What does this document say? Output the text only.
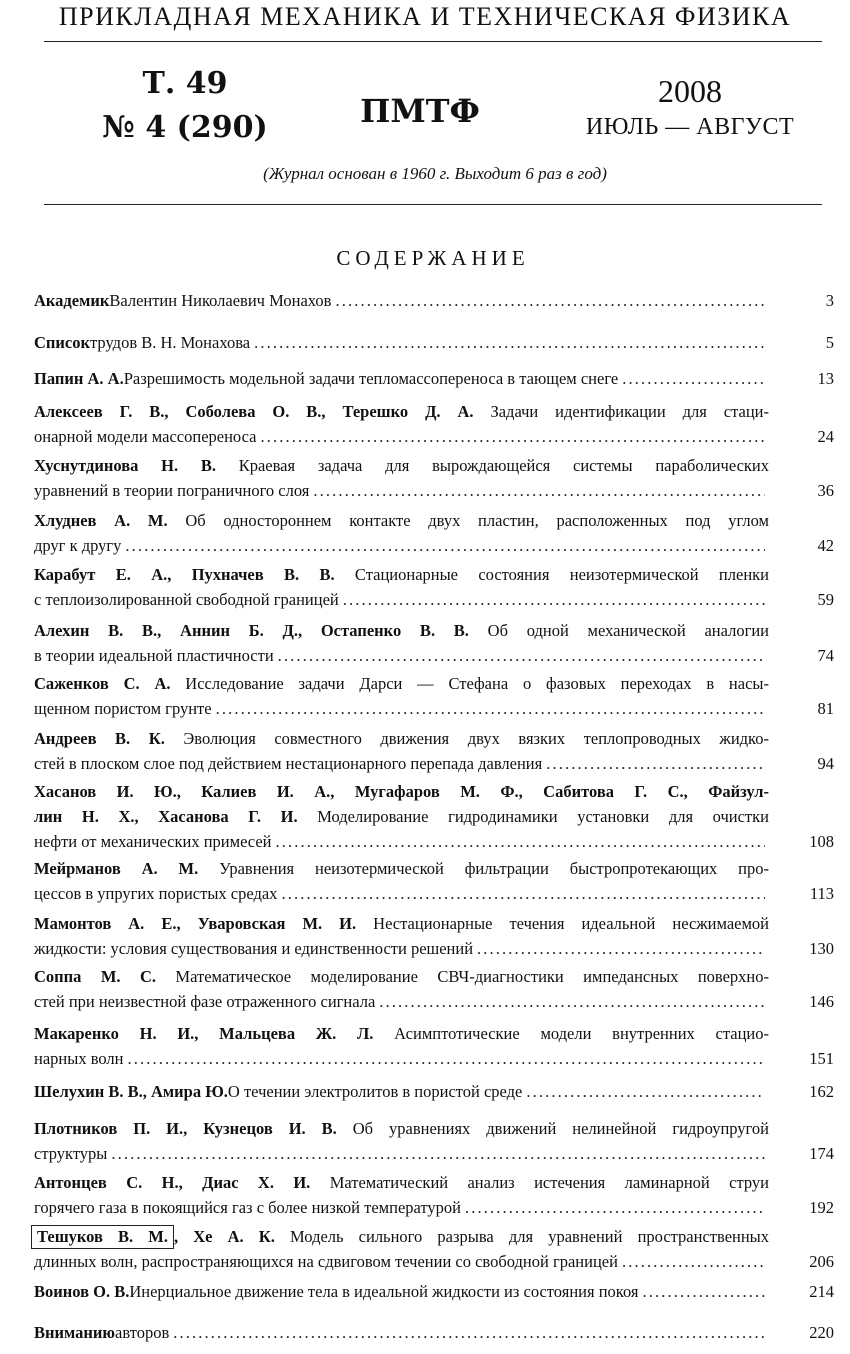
ПРИКЛАДНАЯ МЕХАНИКА И ТЕХНИЧЕСКАЯ ФИЗИКА
Т. 49
№ 4 (290)	ПМТФ
2008
ИЮЛЬ — АВГУСТ
(Журнал основан в 1960 г. Выходит 6 раз в год)
СОДЕРЖАНИЕ
Академик Валентин Николаевич Монахов . . .	3
Список трудов В. Н. Монахова . . .	5
Папин А. А. Разрешимость модельной задачи тепломассопереноса в тающем снеге . . .	13
Алексеев Г. В., Соболева О. В., Терешко Д. А. Задачи идентификации для стаци-
онарной модели массопереноса . . .	24
Хуснутдинова Н. В. Краевая задача для вырождающейся системы параболических
уравнений в теории пограничного слоя . . .	36
Хлуднев А. М. Об одностороннем контакте двух пластин, расположенных под углом
друг к другу . . .	42
Карабут Е. А., Пухначев В. В. Стационарные состояния неизотермической пленки
с теплоизолированной свободной границей . . .	59
Алехин В. В., Аннин Б. Д., Остапенко В. В. Об одной механической аналогии
в теории идеальной пластичности . . .	74
Саженков С. А. Исследование задачи Дарси — Стефана о фазовых переходах в насы-
щенном пористом грунте . . .	81
Андреев В. К. Эволюция совместного движения двух вязких теплопроводных жидко-
стей в плоском слое под действием нестационарного перепада давления . . .	94
Хасанов И. Ю., Калиев И. А., Мугафаров М. Ф., Сабитова Г. С., Файзул-
лин Н. Х., Хасанова Г. И. Моделирование гидродинамики установки для очистки
нефти от механических примесей . . .	108
Мейрманов А. М. Уравнения неизотермической фильтрации быстропротекающих про-
цессов в упругих пористых средах . . .	113
Мамонтов А. Е., Уваровская М. И. Нестационарные течения идеальной несжимаемой
жидкости: условия существования и единственности решений . . .	130
Соппа М. С. Математическое моделирование СВЧ-диагностики импедансных поверхно-
стей при неизвестной фазе отраженного сигнала . . .	146
Макаренко Н. И., Мальцева Ж. Л. Асимптотические модели внутренних стацио-
нарных волн . . .	151
Шелухин В. В., Амира Ю. О течении электролитов в пористой среде . . .	162
Плотников П. И., Кузнецов И. В. Об уравнениях движений нелинейной гидроупругой
структуры . . .	174
Антонцев С. Н., Диас Х. И. Математический анализ истечения ламинарной струи
горячего газа в покоящийся газ с более низкой температурой . . .	192
Тешуков В. М. , Хе А. К. Модель сильного разрыва для уравнений пространственных
длинных волн, распространяющихся на сдвиговом течении со свободной границей . . .	206
Воинов О. В. Инерциальное движение тела в идеальной жидкости из состояния покоя . . .	214
Вниманию авторов . . .	220
